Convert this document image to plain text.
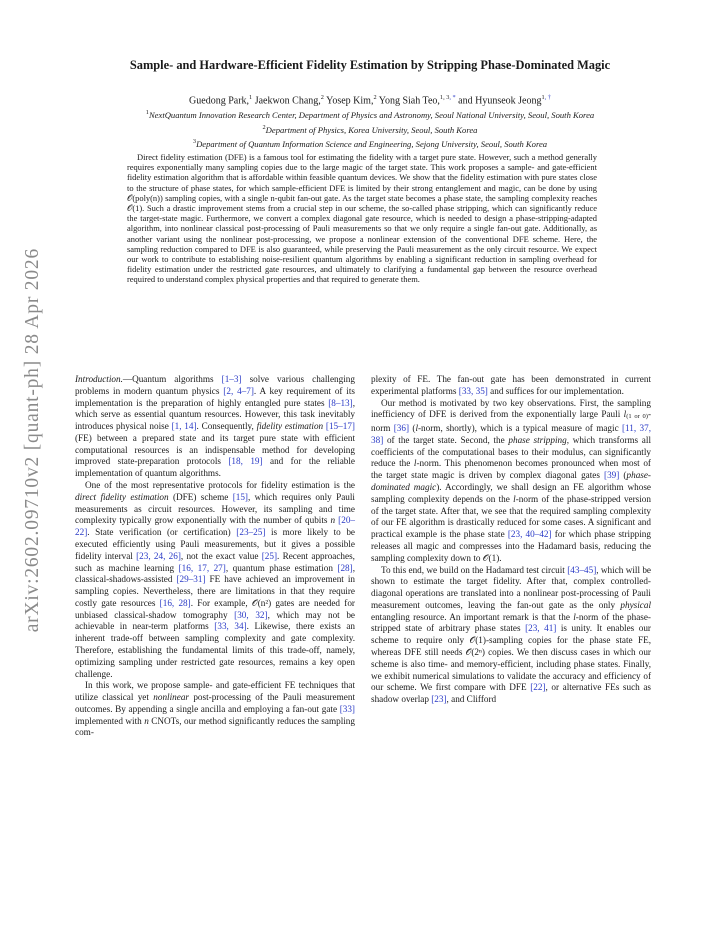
arXiv:2602.09710v2 [quant-ph] 28 Apr 2026
Sample- and Hardware-Efficient Fidelity Estimation by Stripping Phase-Dominated Magic
Guedong Park,$^1$ Jaekwon Chang,$^2$ Yosep Kim,$^2$ Yong Siah Teo,$^{1, 3, *}$ and Hyunseok Jeong$^{1, \dagger}$
$^1$NextQuantum Innovation Research Center, Department of Physics and Astronomy, Seoul National University, Seoul, South Korea
$^2$Department of Physics, Korea University, Seoul, South Korea
$^3$Department of Quantum Information Science and Engineering, Sejong University, Seoul, South Korea

Direct fidelity estimation (DFE) is a famous tool for estimating the fidelity with a target pure state. However, such a method generally requires exponentially many sampling copies due to the large magic of the target state. This work proposes a sample- and gate-efficient fidelity estimation algorithm that is affordable within feasible quantum devices. We show that the fidelity estimation with pure states close to the structure of phase states, for which sample-efficient DFE is limited by their strong entanglement and magic, can be done by using 𝒪(poly(n)) sampling copies, with a single n-qubit fan-out gate. As the target state becomes a phase state, the sampling complexity reaches 𝒪(1). Such a drastic improvement stems from a crucial step in our scheme, the so-called phase stripping, which can significantly reduce the target-state magic. Furthermore, we convert a complex diagonal gate resource, which is needed to design a phase-stripping-adapted algorithm, into nonlinear classical post-processing of Pauli measurements so that we only require a single fan-out gate. Additionally, as another variant using the nonlinear post-processing, we propose a nonlinear extension of the conventional DFE scheme. Here, the sampling reduction compared to DFE is also guaranteed, while preserving the Pauli measurement as the only circuit resource. We expect our work to contribute to establishing noise-resilient quantum algorithms by enabling a significant reduction in sampling overhead for fidelity estimation under the restricted gate resources, and ultimately to clarifying a fundamental gap between the resource overhead required to understand complex physical properties and that required to generate them.

Introduction.—Quantum algorithms [1–3] solve various challenging problems in modern quantum physics [2, 4–7]. A key requirement of its implementation is the preparation of highly entangled pure states [8–13], which serve as essential quantum resources. However, this task inevitably introduces physical noise [1, 14]. Consequently, fidelity estimation [15–17] (FE) between a prepared state and its target pure state with efficient computational resources is an indispensable method for developing improved state-preparation protocols [18, 19] and for the reliable implementation of quantum algorithms.

One of the most representative protocols for fidelity estimation is the direct fidelity estimation (DFE) scheme [15], which requires only Pauli measurements as circuit resources. However, its sampling and time complexity typically grow exponentially with the number of qubits n [20–22]. State verification (or certification) [23–25] is more likely to be executed efficiently using Pauli measurements, but it gives a possible fidelity interval [23, 24, 26], not the exact value [25]. Recent approaches, such as machine learning [16, 17, 27], quantum phase estimation [28], classical-shadows-assisted [29–31] FE have achieved an improvement in sampling copies. Nevertheless, there are limitations in that they require costly gate resources [16, 28]. For example, 𝒪(n²) gates are needed for unbiased classical-shadow tomography [30, 32], which may not be achievable in near-term platforms [33, 34]. Likewise, there exists an inherent trade-off between sampling complexity and gate complexity. Therefore, establishing the fundamental limits of this trade-off, namely, optimizing sampling under restricted gate resources, remains a key open challenge.

In this work, we propose sample- and gate-efficient FE techniques that utilize classical yet nonlinear post-processing of the Pauli measurement outcomes. By appending a single ancilla and employing a fan-out gate [33] implemented with n CNOTs, our method significantly reduces the sampling com-

plexity of FE. The fan-out gate has been demonstrated in current experimental platforms [33, 35] and suffices for our implementation.

Our method is motivated by two key observations. First, the sampling inefficiency of DFE is derived from the exponentially large Pauli l(1 or 0)-norm [36] (l-norm, shortly), which is a typical measure of magic [11, 37, 38] of the target state. Second, the phase stripping, which transforms all coefficients of the computational bases to their modulus, can significantly reduce the l-norm. This phenomenon becomes pronounced when most of the target state magic is driven by complex diagonal gates [39] (phase-dominated magic). Accordingly, we shall design an FE algorithm whose sampling complexity depends on the l-norm of the phase-stripped version of the target state. After that, we see that the required sampling complexity of our FE algorithm is drastically reduced for some cases. A significant and practical example is the phase state [23, 40–42] for which phase stripping releases all magic and compresses into the Hadamard basis, reducing the sampling complexity down to 𝒪(1).

To this end, we build on the Hadamard test circuit [43–45], which will be shown to estimate the target fidelity. After that, complex controlled-diagonal operations are translated into a nonlinear post-processing of Pauli measurement outcomes, leaving the fan-out gate as the only physical entangling resource. An important remark is that the l-norm of the phase-stripped state of arbitrary phase states [23, 41] is unity. It enables our scheme to require only 𝒪(1)-sampling copies for the phase state FE, whereas DFE still needs 𝒪(2ⁿ) copies. We then discuss cases in which our scheme is also time- and memory-efficient, including phase states. Finally, we exhibit numerical simulations to validate the accuracy and efficiency of our scheme. We first compare with DFE [22], or alternative FEs such as shadow overlap [23], and Clifford
